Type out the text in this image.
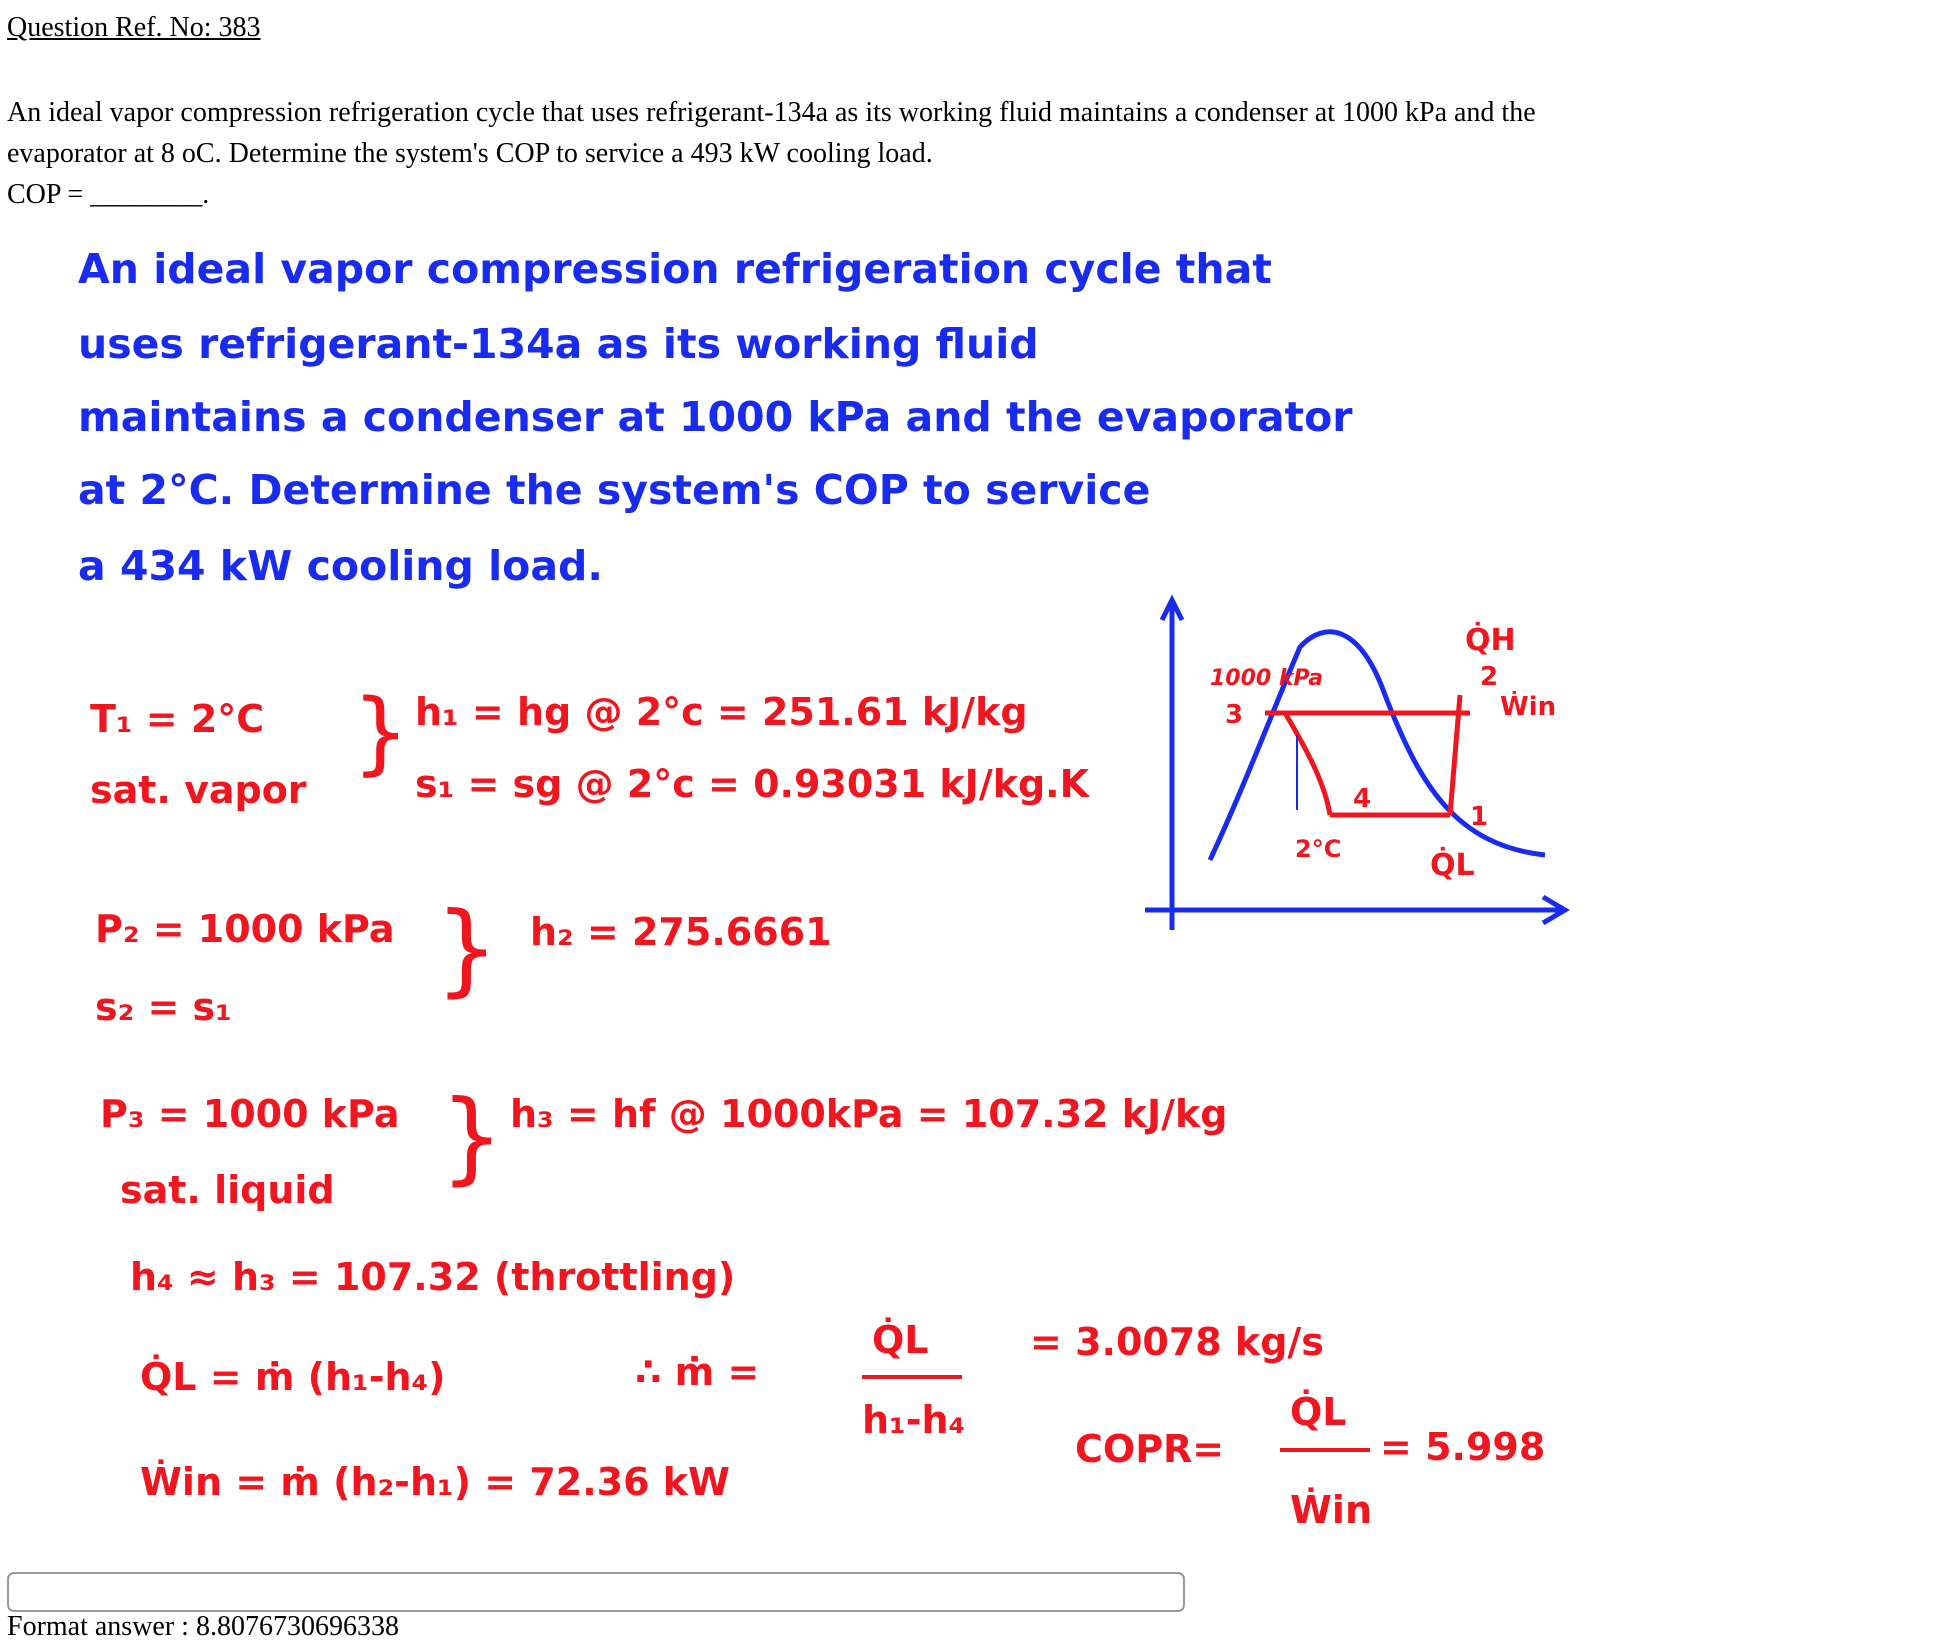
Question Ref. No: 383
An ideal vapor compression refrigeration cycle that uses refrigerant-134a as its working fluid maintains a condenser at 1000 kPa and the
evaporator at 8 oC. Determine the system's COP to service a 493 kW cooling load.
COP = ________.
An ideal vapor compression refrigeration cycle that
uses refrigerant-134a as its working fluid
maintains a condenser at 1000 kPa and the evaporator
at 2°C. Determine the system's COP to service
a 434 kW cooling load.
T₁ = 2°C
sat. vapor
} h₁ = hg @ 2°c = 251.61 kJ/kg
s₁ = sg @ 2°c = 0.93031 kJ/kg.K
P₂ = 1000 kPa
s₂ = s₁ } h₂ = 275.6661
P₃ = 1000 kPa
sat. liquid } h₃ = hf @ 1000kPa = 107.32 kJ/kg
h₄ ≈ h₃ = 107.32 (throttling)
Q̇L = ṁ (h₁-h₄)	∴ ṁ =
Q̇L
h₁-h₄
= 3.0078 kg/s
Ẇin = ṁ (h₂-h₁) = 72.36 kW
COPR=
Q̇L
Ẇin
= 5.998
1000 kPa
3
2
1
4
2°C
Q̇H
Ẇin
Q̇L
Format answer : 8.8076730696338
